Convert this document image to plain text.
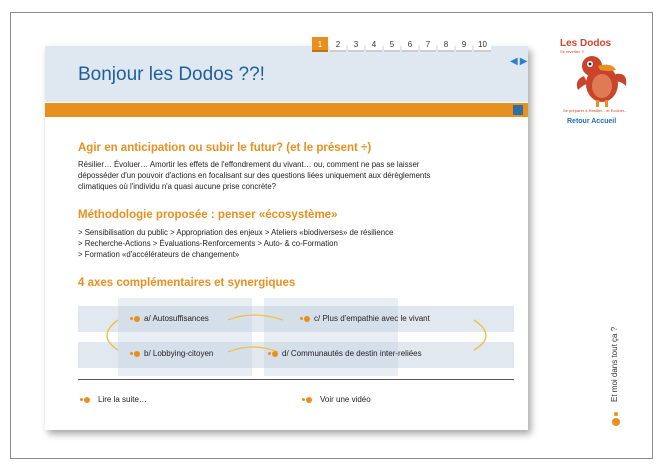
Bonjour les Dodos ??!
1	2	3	4	5	6	7	8	9	10
◀ ▶
Les Dodos
Se réveiller ?!
Se préparer à Résilier... et Evoluer...
Retour Accueil
Agir en anticipation ou subir le futur? (et le présent ÷)
Résilier… Évoluer… Amortir les effets de l'effondrement du vivant… ou, comment ne pas se laisser
déposséder d'un pouvoir d'actions en focalisant sur des questions liées uniquement aux dérèglements
climatiques où l'individu n'a quasi aucune prise concrète?
Méthodologie proposée : penser «écosystème»
> Sensibilisation du public > Appropriation des enjeux > Ateliers «biodiverses» de résilience
> Recherche-Actions > Évaluations-Renforcements > Auto- & co-Formation
> Formation «d'accélérateurs de changement»
4 axes complémentaires et synergiques
a/ Autosuffisances
b/ Lobbying-citoyen
c/ Plus d'empathie avec le vivant
d/ Communautés de destin inter-reliées
Lire la suite…	Voir une vidéo	Et moi dans tout ça ?
